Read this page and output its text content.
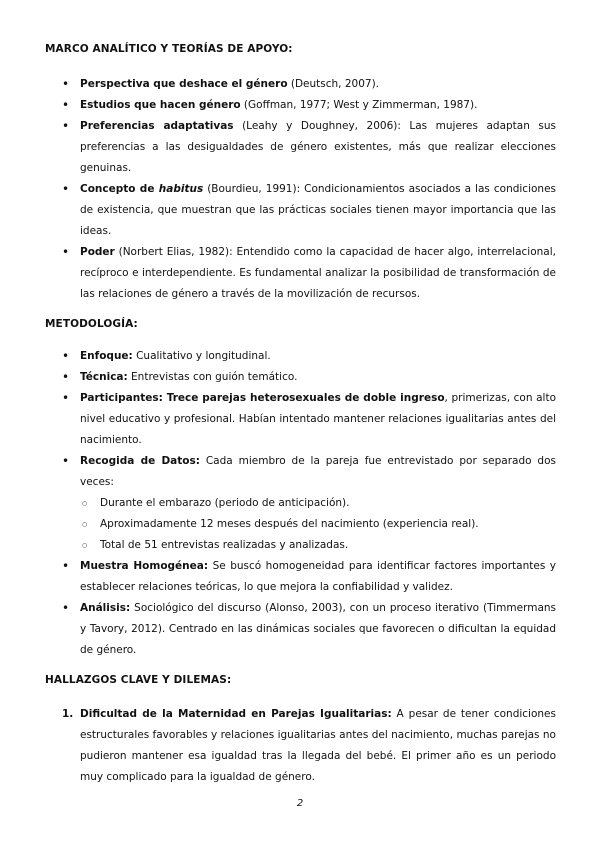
MARCO ANALÍTICO Y TEORÍAS DE APOYO:
• Perspectiva que deshace el género (Deutsch, 2007).
• Estudios que hacen género (Goffman, 1977; West y Zimmerman, 1987).
• Preferencias adaptativas (Leahy y Doughney, 2006): Las mujeres adaptan sus preferencias a las desigualdades de género existentes, más que realizar elecciones genuinas.
• Concepto de habitus (Bourdieu, 1991): Condicionamientos asociados a las condiciones de existencia, que muestran que las prácticas sociales tienen mayor importancia que las ideas.
• Poder (Norbert Elias, 1982): Entendido como la capacidad de hacer algo, interrelacional, recíproco e interdependiente. Es fundamental analizar la posibilidad de transformación de las relaciones de género a través de la movilización de recursos.
METODOLOGÍA:
• Enfoque: Cualitativo y longitudinal.
• Técnica: Entrevistas con guión temático.
• Participantes: Trece parejas heterosexuales de doble ingreso, primerizas, con alto nivel educativo y profesional. Habían intentado mantener relaciones igualitarias antes del nacimiento.
• Recogida de Datos: Cada miembro de la pareja fue entrevistado por separado dos veces:
○ Durante el embarazo (periodo de anticipación).
○ Aproximadamente 12 meses después del nacimiento (experiencia real).
○ Total de 51 entrevistas realizadas y analizadas.
• Muestra Homogénea: Se buscó homogeneidad para identificar factores importantes y establecer relaciones teóricas, lo que mejora la confiabilidad y validez.
• Análisis: Sociológico del discurso (Alonso, 2003), con un proceso iterativo (Timmermans y Tavory, 2012). Centrado en las dinámicas sociales que favorecen o dificultan la equidad de género.
HALLAZGOS CLAVE Y DILEMAS:
1. Dificultad de la Maternidad en Parejas Igualitarias: A pesar de tener condiciones estructurales favorables y relaciones igualitarias antes del nacimiento, muchas parejas no pudieron mantener esa igualdad tras la llegada del bebé. El primer año es un periodo muy complicado para la igualdad de género.
2
